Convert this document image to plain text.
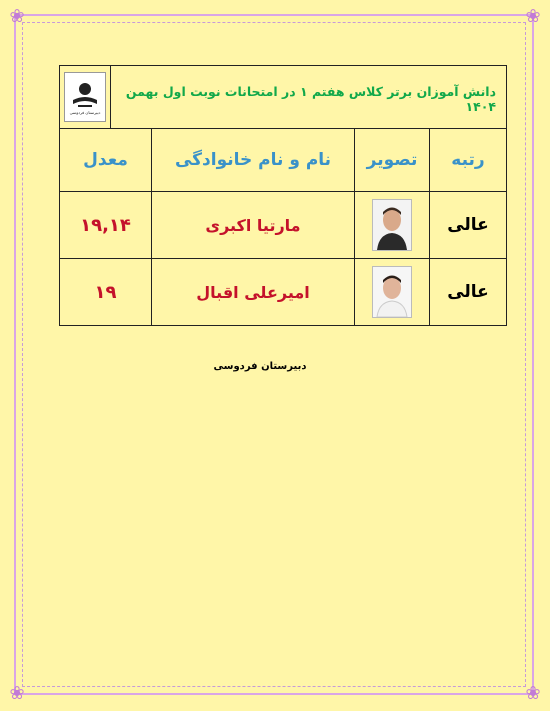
❀	❀
❀	❀
دبیرستان فردوسی
دانش آموزان برتر کلاس هفتم ۱ در امتحانات نوبت اول بهمن ۱۴۰۴
رتبه
تصویر
نام و نام خانوادگی
معدل
عالی
مارتیا اکبری
۱۹,۱۴
عالی
امیرعلی اقبال
۱۹
دبیرستان فردوسی
